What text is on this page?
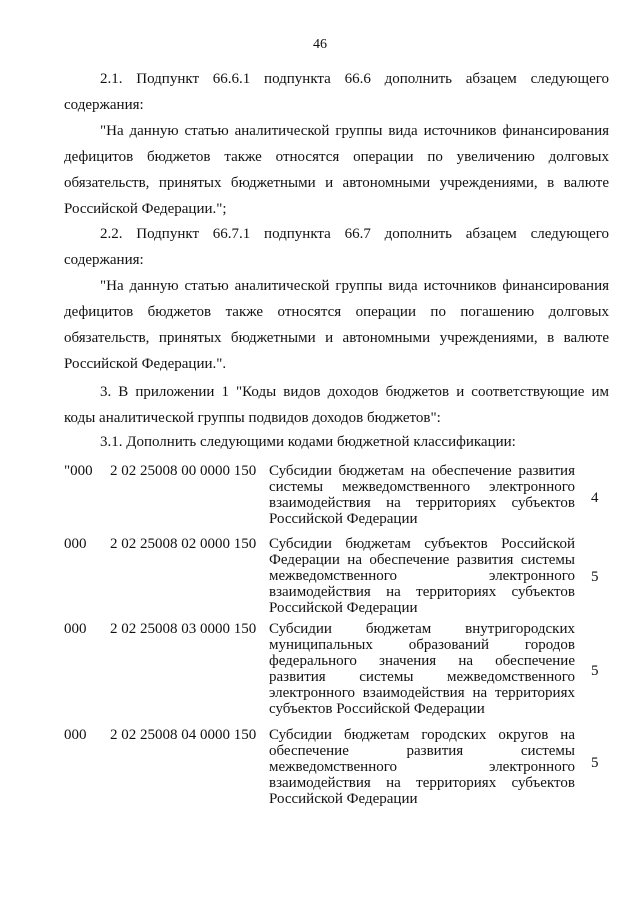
46

2.1. Подпункт 66.6.1 подпункта 66.6 дополнить абзацем следующего содержания:

"На данную статью аналитической группы вида источников финансирования дефицитов бюджетов также относятся операции по увеличению долговых обязательств, принятых бюджетными и автономными учреждениями, в валюте Российской Федерации.";

2.2. Подпункт 66.7.1 подпункта 66.7 дополнить абзацем следующего содержания:

"На данную статью аналитической группы вида источников финансирования дефицитов бюджетов также относятся операции по погашению долговых обязательств, принятых бюджетными и автономными учреждениями, в валюте Российской Федерации.".

3. В приложении 1 "Коды видов доходов бюджетов и соответствующие им коды аналитической группы подвидов доходов бюджетов":

3.1. Дополнить следующими кодами бюджетной классификации:

"000	2 02 25008 00 0000 150 Субсидии бюджетам на обеспечение развития системы межведомственного электронного взаимодействия на территориях субъектов Российской Федерации
4
000	2 02 25008 02 0000 150 Субсидии бюджетам субъектов Российской Федерации на обеспечение развития системы межведомственного электронного взаимодействия на территориях субъектов Российской Федерации
5
000	2 02 25008 03 0000 150 Субсидии бюджетам внутригородских муниципальных образований городов федерального значения на обеспечение развития системы межведомственного электронного взаимодействия на территориях субъектов Российской Федерации
5
000	2 02 25008 04 0000 150 Субсидии бюджетам городских округов на обеспечение развития системы межведомственного электронного взаимодействия на территориях субъектов Российской Федерации
5
